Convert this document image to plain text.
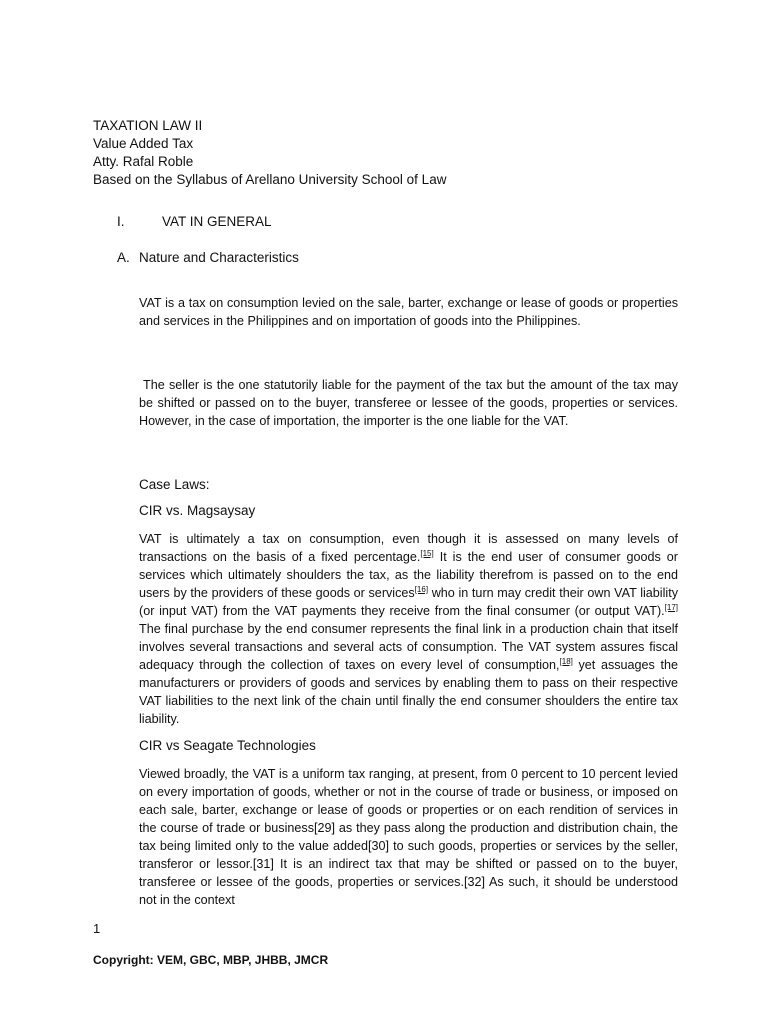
TAXATION LAW II
Value Added Tax
Atty. Rafal Roble
Based on the Syllabus of Arellano University School of Law
I.	VAT IN GENERAL
A. Nature and Characteristics
VAT is a tax on consumption levied on the sale, barter, exchange or lease of goods or properties and services in the Philippines and on importation of goods into the Philippines.
The seller is the one statutorily liable for the payment of the tax but the amount of the tax may be shifted or passed on to the buyer, transferee or lessee of the goods, properties or services. However, in the case of importation, the importer is the one liable for the VAT.
Case Laws:
CIR vs. Magsaysay
VAT is ultimately a tax on consumption, even though it is assessed on many levels of transactions on the basis of a fixed percentage.[15] It is the end user of consumer goods or services which ultimately shoulders the tax, as the liability therefrom is passed on to the end users by the providers of these goods or services[16] who in turn may credit their own VAT liability (or input VAT) from the VAT payments they receive from the final consumer (or output VAT).[17] The final purchase by the end consumer represents the final link in a production chain that itself involves several transactions and several acts of consumption. The VAT system assures fiscal adequacy through the collection of taxes on every level of consumption,[18] yet assuages the manufacturers or providers of goods and services by enabling them to pass on their respective VAT liabilities to the next link of the chain until finally the end consumer shoulders the entire tax liability.
CIR vs Seagate Technologies
Viewed broadly, the VAT is a uniform tax ranging, at present, from 0 percent to 10 percent levied on every importation of goods, whether or not in the course of trade or business, or imposed on each sale, barter, exchange or lease of goods or properties or on each rendition of services in the course of trade or business[29] as they pass along the production and distribution chain, the tax being limited only to the value added[30] to such goods, properties or services by the seller, transferor or lessor.[31] It is an indirect tax that may be shifted or passed on to the buyer, transferee or lessee of the goods, properties or services.[32] As such, it should be understood not in the context
1
Copyright: VEM, GBC, MBP, JHBB, JMCR
